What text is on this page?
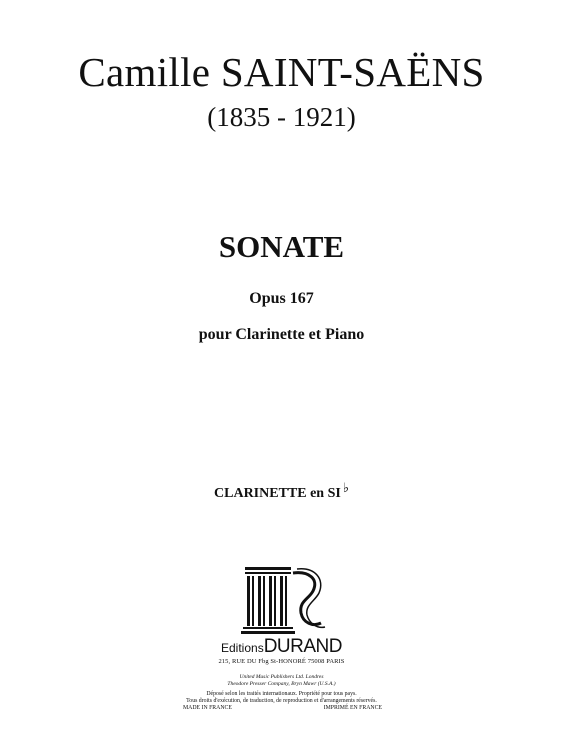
Camille SAINT-SAËNS
(1835 - 1921)
SONATE
Opus 167
pour Clarinette et Piano
CLARINETTE en SI ♭
EditionsDURAND
215, RUE DU Fbg St-HONORÉ 75008 PARIS
United Music Publishers Ltd. Londres
Theodore Presser Company, Bryn Mawr (U.S.A.)
Déposé selon les traités internationaux. Propriété pour tous pays.
Tous droits d'exécution, de traduction, de reproduction et d'arrangements réservés.
MADE IN FRANCE	IMPRIMÉ EN FRANCE
